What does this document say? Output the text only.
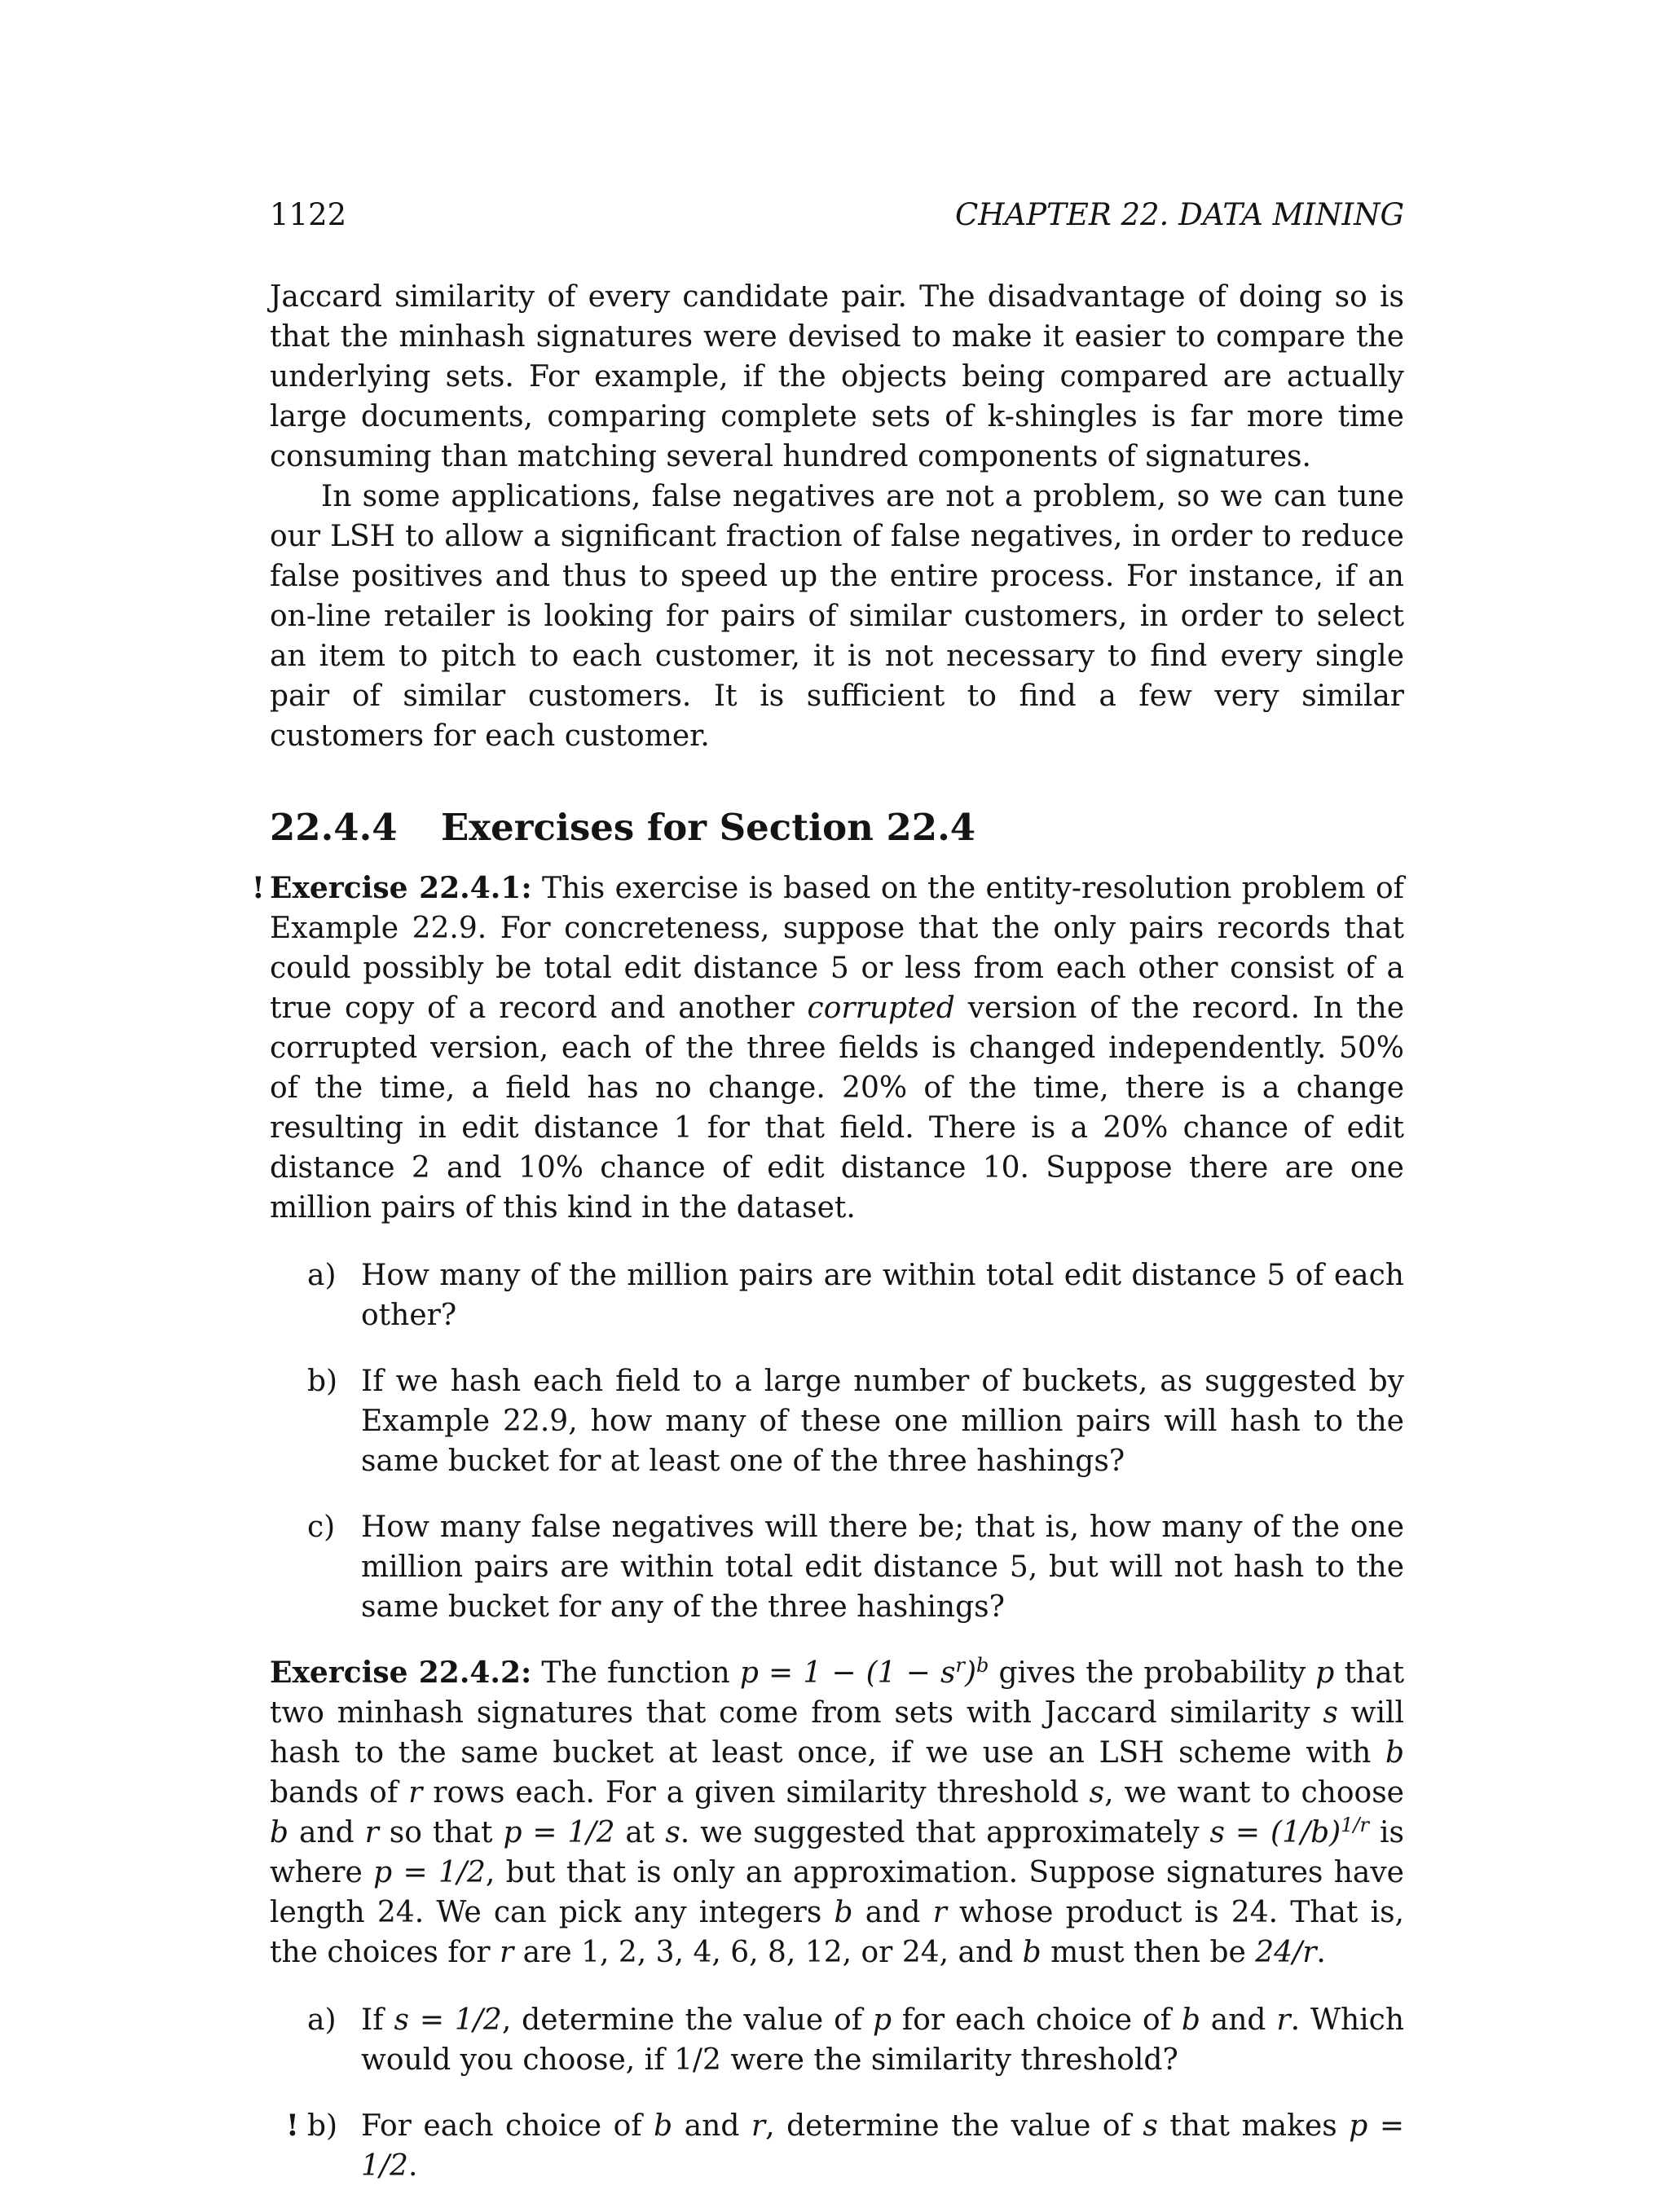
1122	CHAPTER 22. DATA MINING

Jaccard similarity of every candidate pair. The disadvantage of doing so is that the minhash signatures were devised to make it easier to compare the underlying sets. For example, if the objects being compared are actually large documents, comparing complete sets of k-shingles is far more time consuming than matching several hundred components of signatures.

In some applications, false negatives are not a problem, so we can tune our LSH to allow a significant fraction of false negatives, in order to reduce false positives and thus to speed up the entire process. For instance, if an on-line retailer is looking for pairs of similar customers, in order to select an item to pitch to each customer, it is not necessary to find every single pair of similar customers. It is sufficient to find a few very similar customers for each customer.

22.4.4 Exercises for Section 22.4
! Exercise 22.4.1: This exercise is based on the entity-resolution problem of Example 22.9. For concreteness, suppose that the only pairs records that could possibly be total edit distance 5 or less from each other consist of a true copy of a record and another corrupted version of the record. In the corrupted version, each of the three fields is changed independently. 50% of the time, a field has no change. 20% of the time, there is a change resulting in edit distance 1 for that field. There is a 20% chance of edit distance 2 and 10% chance of edit distance 10. Suppose there are one million pairs of this kind in the dataset.

a) How many of the million pairs are within total edit distance 5 of each other?

b) If we hash each field to a large number of buckets, as suggested by Example 22.9, how many of these one million pairs will hash to the same bucket for at least one of the three hashings?

c) How many false negatives will there be; that is, how many of the one million pairs are within total edit distance 5, but will not hash to the same bucket for any of the three hashings?

Exercise 22.4.2: The function $p = 1 - (1 - s^r)^b$ gives the probability p that two minhash signatures that come from sets with Jaccard similarity s will hash to the same bucket at least once, if we use an LSH scheme with b bands of r rows each. For a given similarity threshold s, we want to choose b and r so that p = 1/2 at s. we suggested that approximately $s = (1/b)^{1/r}$ is where p = 1/2, but that is only an approximation. Suppose signatures have length 24. We can pick any integers b and r whose product is 24. That is, the choices for r are 1, 2, 3, 4, 6, 8, 12, or 24, and b must then be 24/r.

a) If s = 1/2, determine the value of p for each choice of b and r. Which would you choose, if 1/2 were the similarity threshold?

! b) For each choice of b and r, determine the value of s that makes p = 1/2.
